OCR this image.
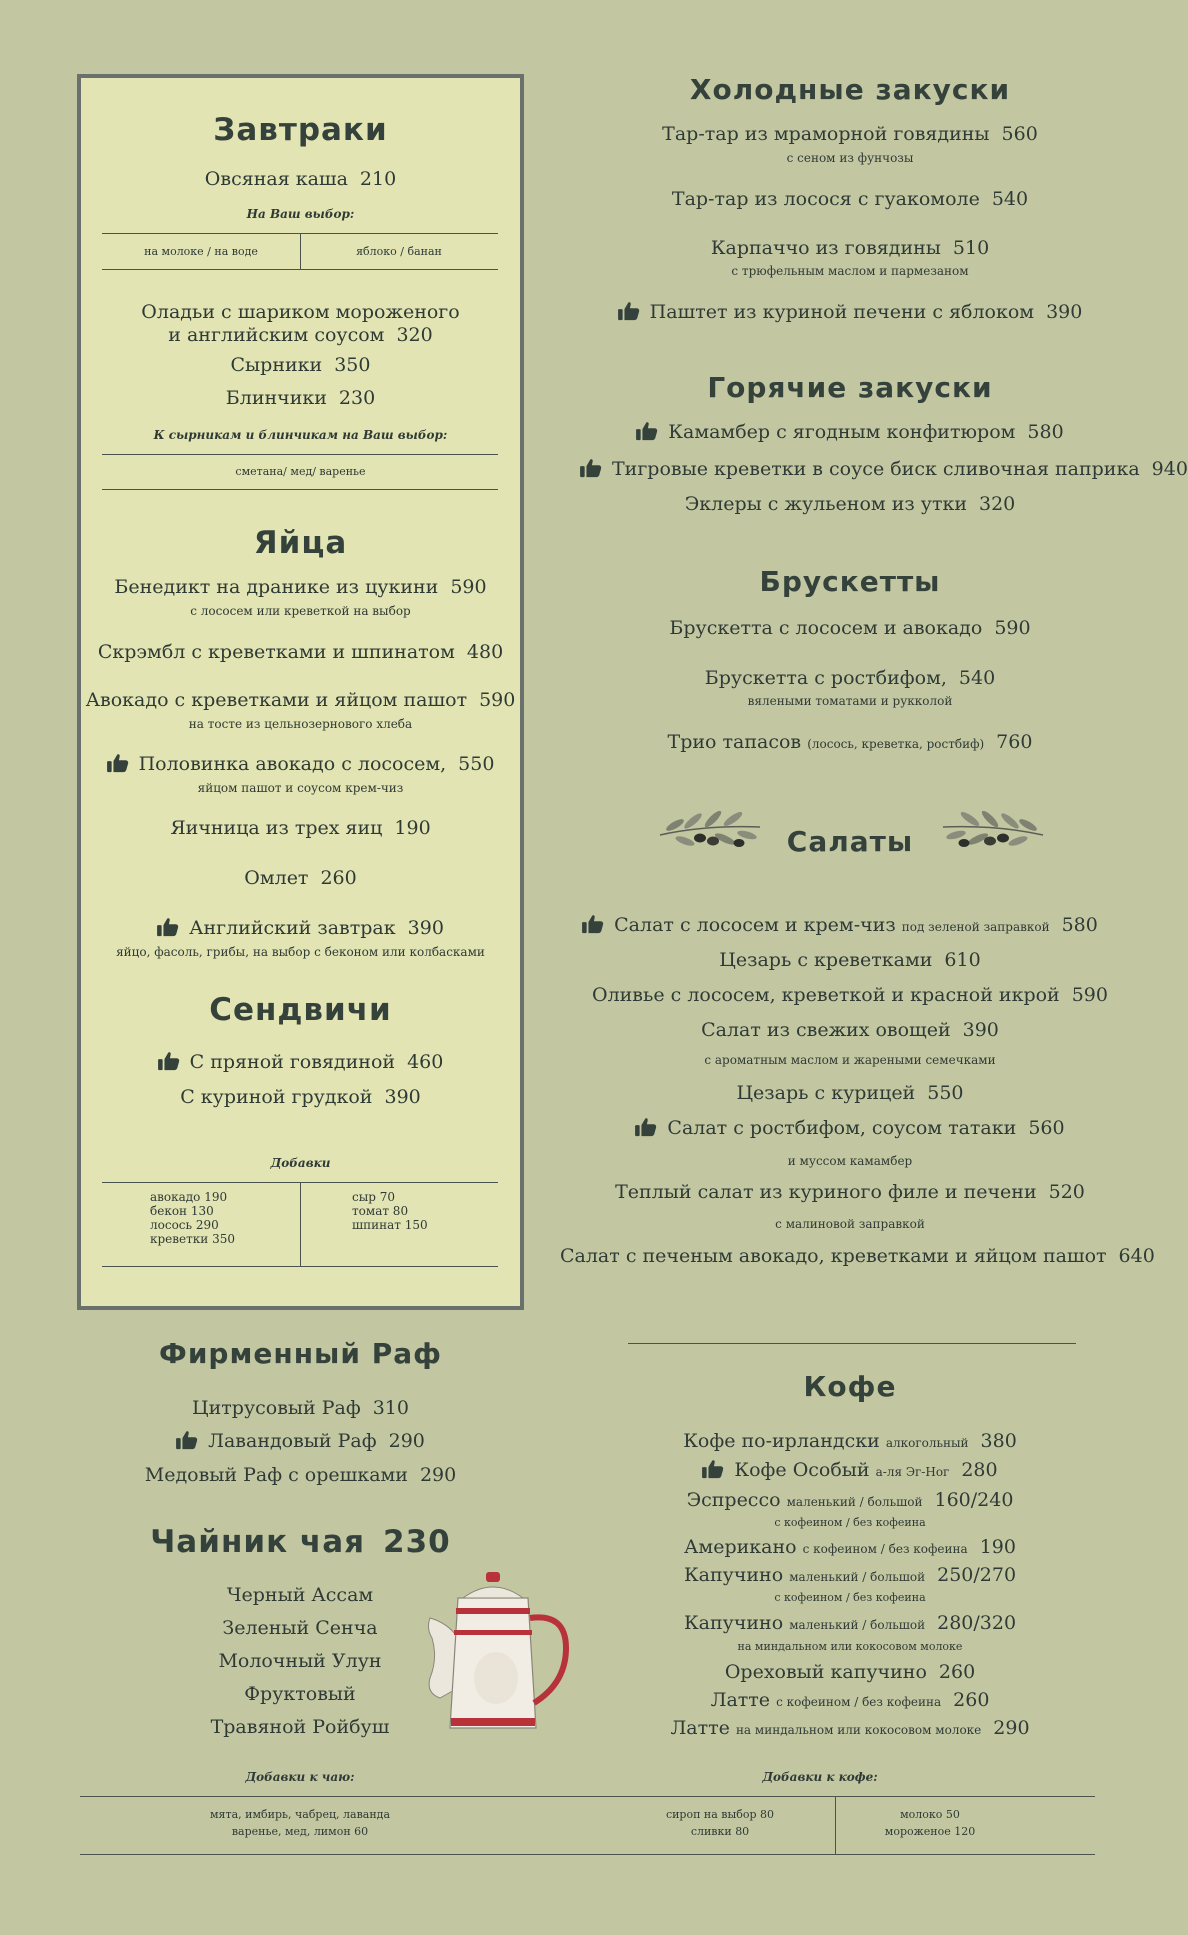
Завтраки
Овсяная каша 210
На Ваш выбор:
на молоке / на воде	яблоко / банан
Оладьи с шариком мороженого
и английским соусом 320
Сырники 350
Блинчики 230
К сырникам и блинчикам на Ваш выбор:
сметана/ мед/ варенье
Яйца
Бенедикт на дранике из цукини 590
с лососем или креветкой на выбор
Скрэмбл с креветками и шпинатом 480
Авокадо с креветками и яйцом пашот 590
на тосте из цельнозернового хлеба
Половинка авокадо с лососем, 550
яйцом пашот и соусом крем-чиз
Яичница из трех яиц 190
Омлет 260
Английский завтрак 390
яйцо, фасоль, грибы, на выбор с беконом или колбасками
Сендвичи
С пряной говядиной 460
С куриной грудкой 390
Добавки
авокадо 190
бекон 130
лосось 290
креветки 350
сыр 70
томат 80
шпинат 150
Фирменный Раф
Цитрусовый Раф 310
Лавандовый Раф 290
Медовый Раф с орешками 290
Чайник чая 230
Черный Ассам
Зеленый Сенча
Молочный Улун
Фруктовый
Травяной Ройбуш
Холодные закуски
Тар-тар из мраморной говядины 560
с сеном из фунчозы
Тар-тар из лосося с гуакомоле 540
Карпаччо из говядины 510
с трюфельным маслом и пармезаном
Паштет из куриной печени с яблоком 390
Горячие закуски
Камамбер с ягодным конфитюром 580
Тигровые креветки в соусе биск сливочная паприка 940
Эклеры с жульеном из утки 320
Брускетты
Брускетта с лососем и авокадо 590
Брускетта с ростбифом, 540
вялеными томатами и рукколой
Трио тапасов (лосось, креветка, ростбиф) 760
Салаты
Салат с лососем и крем-чиз под зеленой заправкой 580
Цезарь с креветками 610
Оливье с лососем, креветкой и красной икрой 590
Салат из свежих овощей 390
с ароматным маслом и жареными семечками
Цезарь с курицей 550
Салат с ростбифом, соусом татаки 560
и муссом камамбер
Теплый салат из куриного филе и печени 520
с малиновой заправкой
Салат с печеным авокадо, креветками и яйцом пашот 640
Кофе
Кофе по-ирландски алкогольный 380
Кофе Особый а-ля Эг-Ног 280
Эспрессо маленький / большой 160/240
с кофеином / без кофеина
Американо с кофеином / без кофеина 190
Капучино маленький / большой 250/270
с кофеином / без кофеина
Капучино маленький / большой 280/320
на миндальном или кокосовом молоке
Ореховый капучино 260
Латте с кофеином / без кофеина 260
Латте на миндальном или кокосовом молоке 290
Добавки к чаю:	Добавки к кофе:
мята, имбирь, чабрец, лаванда
варенье, мед, лимон 60
сироп на выбор 80
сливки 80
молоко 50
мороженое 120
